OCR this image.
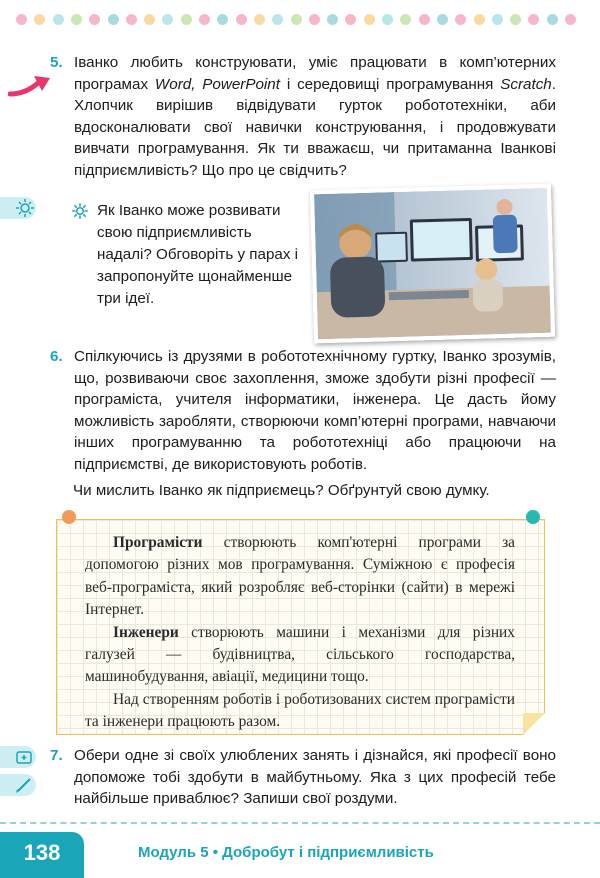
5. Іванко любить конструювати, уміє працювати в комп’ютерних програмах Word, PowerPoint і середовищі програмування Scratch. Хлопчик вирішив відвідувати гурток робототехніки, аби вдосконалювати свої навички конструювання, і продовжувати вивчати програмування. Як ти вважаєш, чи притаманна Іванкові підприємливість? Що про це свідчить?
Як Іванко може розвивати свою підприємливість надалі? Обговоріть у парах і запропонуйте щонайменше три ідеї.
6. Спілкуючись із друзями в робототехнічному гуртку, Іванко зрозумів, що, розвиваючи своє захоплення, зможе здобути різні професії — програміста, учителя інформатики, інженера. Це дасть йому можливість заробляти, створюючи комп’ютерні програми, навчаючи інших програмуванню та робототехніці або працюючи на підприємстві, де використовують роботів.
Чи мислить Іванко як підприємець? Обґрунтуй свою думку.

Програмісти створюють комп'ютерні програми за допомогою різних мов програмування. Суміжною є професія веб-програміста, який розробляє веб-сторінки (сайти) в мережі Інтернет.

Інженери створюють машини і механізми для різних галузей — будівництва, сільського господарства, машинобудування, авіації, медицини тощо.

Над створенням роботів і роботизованих систем програмісти та інженери працюють разом.

7. Обери одне зі своїх улюблених занять і дізнайся, які професії воно допоможе тобі здобути в майбутньому. Яка з цих професій тебе найбільше приваблює? Запиши свої роздуми.
138	Модуль 5 • Добробут і підприємливість
